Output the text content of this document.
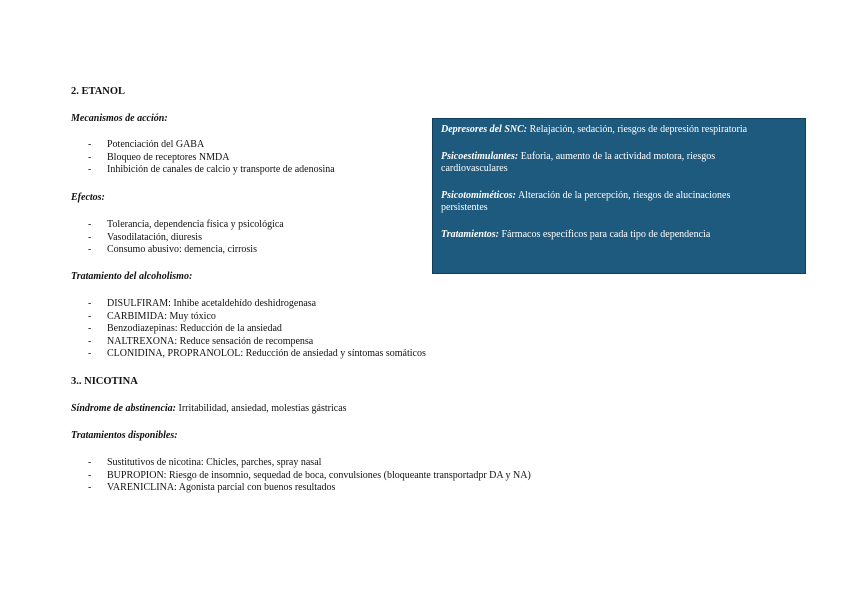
2. ETANOL
Mecanismos de acción:
- Potenciación del GABA
- Bloqueo de receptores NMDA
- Inhibición de canales de calcio y transporte de adenosina
Efectos:
- Tolerancia, dependencia física y psicológica
- Vasodilatación, diuresis
- Consumo abusivo: demencia, cirrosis
Tratamiento del alcoholismo:
- DISULFIRAM: Inhibe acetaldehído deshidrogenasa
- CARBIMIDA: Muy tóxico
- Benzodiazepinas: Reducción de la ansiedad
- NALTREXONA: Reduce sensación de recompensa
- CLONIDINA, PROPRANOLOL: Reducción de ansiedad y síntomas somáticos
3.. NICOTINA
Síndrome de abstinencia: Irritabilidad, ansiedad, molestias gástricas
Tratamientos disponibles:
- Sustitutivos de nicotina: Chicles, parches, spray nasal
- BUPROPION: Riesgo de insomnio, sequedad de boca, convulsiones (bloqueante transportadpr DA y NA)
- VARENICLINA: Agonista parcial con buenos resultados

Depresores del SNC: Relajación, sedación, riesgos de depresión respiratoria

Psicoestimulantes: Euforia, aumento de la actividad motora, riesgos cardiovasculares

Psicotomiméticos: Alteración de la percepción, riesgos de alucinaciones persistentes

Tratamientos: Fármacos específicos para cada tipo de dependencia
